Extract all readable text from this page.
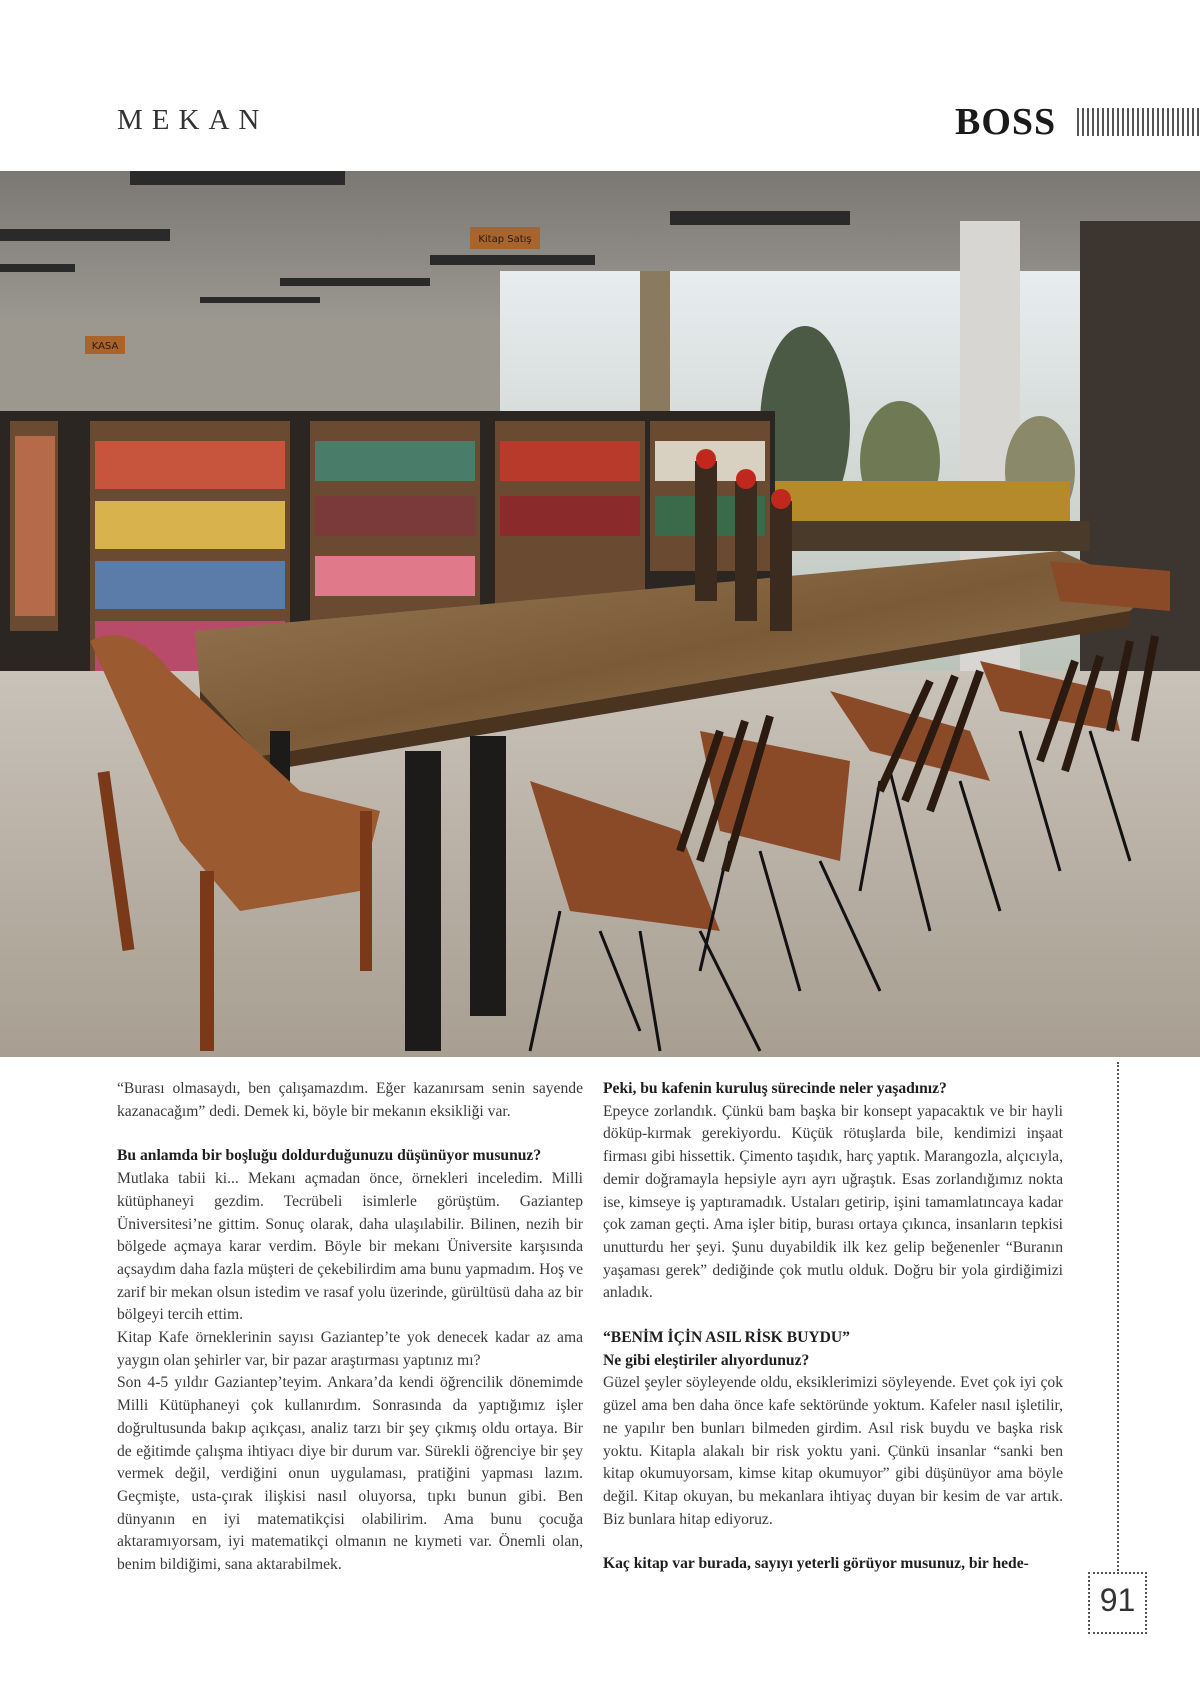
MEKAN	BOSS
Kitap Satış
KASA

“Burası olmasaydı, ben çalışamazdım. Eğer kazanırsam senin sayende kazanacağım” dedi. Demek ki, böyle bir mekanın eksikliği var.

Bu anlamda bir boşluğu doldurduğunuzu düşünüyor musunuz?

Mutlaka tabii ki... Mekanı açmadan önce, örnekleri inceledim. Milli kütüphaneyi gezdim. Tecrübeli isimlerle görüştüm. Gaziantep Üniversitesi’ne gittim. Sonuç olarak, daha ulaşılabilir. Bilinen, nezih bir bölgede açmaya karar verdim. Böyle bir mekanı Üniversite karşısında açsaydım daha fazla müşteri de çekebilirdim ama bunu yapmadım. Hoş ve zarif bir mekan olsun istedim ve rasaf yolu üzerinde, gürültüsü daha az bir bölgeyi tercih ettim.

Kitap Kafe örneklerinin sayısı Gaziantep’te yok denecek kadar az ama yaygın olan şehirler var, bir pazar araştırması yaptınız mı?

Son 4-5 yıldır Gaziantep’teyim. Ankara’da kendi öğrencilik dönemimde Milli Kütüphaneyi çok kullanırdım. Sonrasında da yaptığımız işler doğrultusunda bakıp açıkçası, analiz tarzı bir şey çıkmış oldu ortaya. Bir de eğitimde çalışma ihtiyacı diye bir durum var. Sürekli öğrenciye bir şey vermek değil, verdiğini onun uygulaması, pratiğini yapması lazım. Geçmişte, usta-çırak ilişkisi nasıl oluyorsa, tıpkı bunun gibi. Ben dünyanın en iyi matematikçisi olabilirim. Ama bunu çocuğa aktaramıyorsam, iyi matematikçi olmanın ne kıymeti var. Önemli olan, benim bildiğimi, sana aktarabilmek.

Peki, bu kafenin kuruluş sürecinde neler yaşadınız?

Epeyce zorlandık. Çünkü bam başka bir konsept yapacaktık ve bir hayli döküp-kırmak gerekiyordu. Küçük rötuşlarda bile, kendimizi inşaat firması gibi hissettik. Çimento taşıdık, harç yaptık. Marangozla, alçıcıyla, demir doğramayla hepsiyle ayrı ayrı uğraştık. Esas zorlandığımız nokta ise, kimseye iş yaptıramadık. Ustaları getirip, işini tamamlatıncaya kadar çok zaman geçti. Ama işler bitip, burası ortaya çıkınca, insanların tepkisi unutturdu her şeyi. Şunu duyabildik ilk kez gelip beğenenler “Buranın yaşaması gerek” dediğinde çok mutlu olduk. Doğru bir yola girdiğimizi anladık.

“BENİM İÇİN ASIL RİSK BUYDU”

Ne gibi eleştiriler alıyordunuz?

Güzel şeyler söyleyende oldu, eksiklerimizi söyleyende. Evet çok iyi çok güzel ama ben daha önce kafe sektöründe yoktum. Kafeler nasıl işletilir, ne yapılır ben bunları bilmeden girdim. Asıl risk buydu ve başka risk yoktu. Kitapla alakalı bir risk yoktu yani. Çünkü insanlar “sanki ben kitap okumuyorsam, kimse kitap okumuyor” gibi düşünüyor ama böyle değil. Kitap okuyan, bu mekanlara ihtiyaç duyan bir kesim de var artık. Biz bunlara hitap ediyoruz.

Kaç kitap var burada, sayıyı yeterli görüyor musunuz, bir hede-

91
